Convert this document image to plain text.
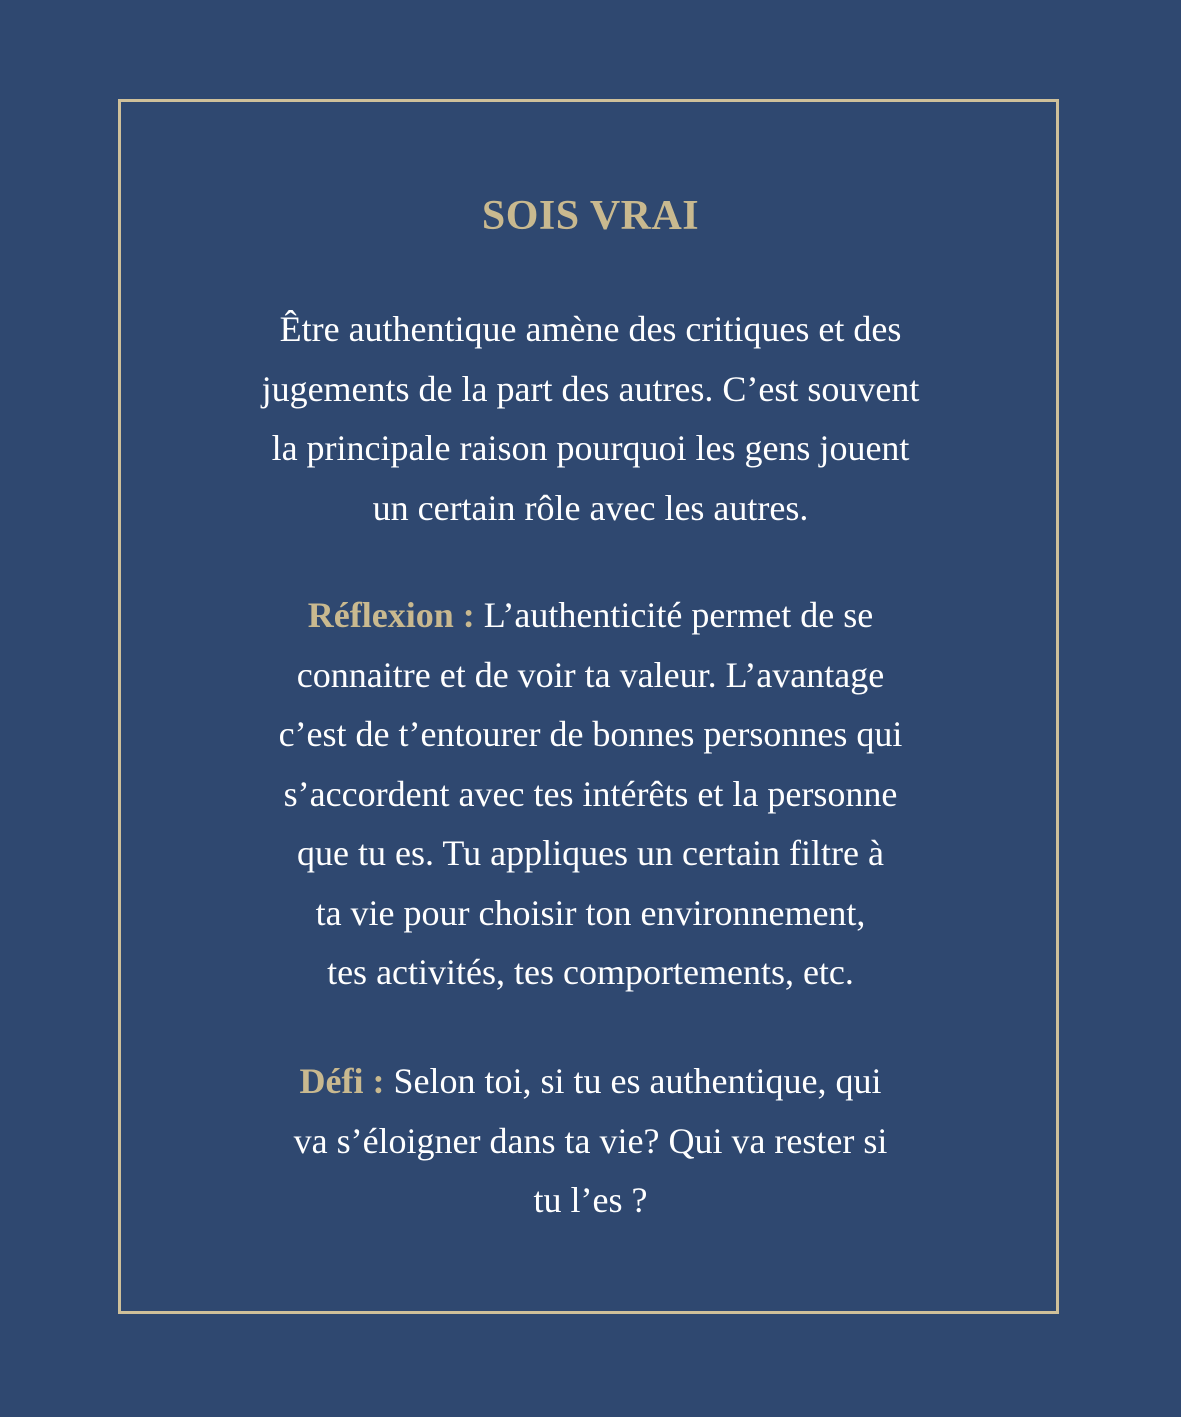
SOIS VRAI
Être authentique amène des critiques et des
jugements de la part des autres. C’est souvent
la principale raison pourquoi les gens jouent
un certain rôle avec les autres.
Réflexion : L’authenticité permet de se
connaitre et de voir ta valeur. L’avantage
c’est de t’entourer de bonnes personnes qui
s’accordent avec tes intérêts et la personne
que tu es. Tu appliques un certain filtre à
ta vie pour choisir ton environnement,
tes activités, tes comportements, etc.
Défi : Selon toi, si tu es authentique, qui
va s’éloigner dans ta vie? Qui va rester si
tu l’es ?
